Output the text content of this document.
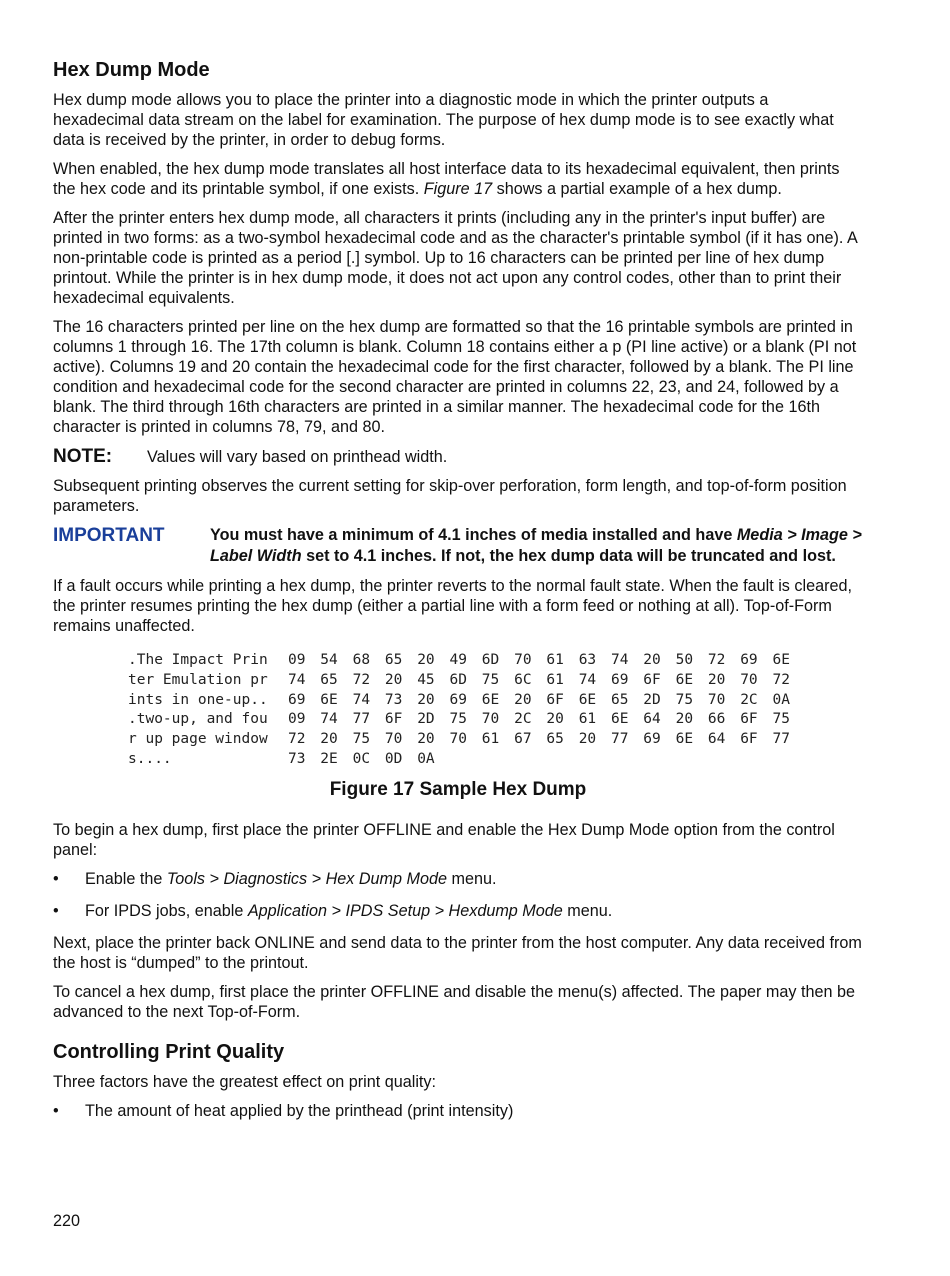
Hex Dump Mode

Hex dump mode allows you to place the printer into a diagnostic mode in which the printer outputs a hexadecimal data stream on the label for examination. The purpose of hex dump mode is to see exactly what data is received by the printer, in order to debug forms.

When enabled, the hex dump mode translates all host interface data to its hexadecimal equivalent, then prints the hex code and its printable symbol, if one exists. Figure 17 shows a partial example of a hex dump.

After the printer enters hex dump mode, all characters it prints (including any in the printer's input buffer) are printed in two forms: as a two-symbol hexadecimal code and as the character's printable symbol (if it has one). A non-printable code is printed as a period [.] symbol. Up to 16 characters can be printed per line of hex dump printout. While the printer is in hex dump mode, it does not act upon any control codes, other than to print their hexadecimal equivalents.

The 16 characters printed per line on the hex dump are formatted so that the 16 printable symbols are printed in columns 1 through 16. The 17th column is blank. Column 18 contains either a p (PI line active) or a blank (PI not active). Columns 19 and 20 contain the hexadecimal code for the first character, followed by a blank. The PI line condition and hexadecimal code for the second character are printed in columns 22, 23, and 24, followed by a blank. The third through 16th characters are printed in a similar manner. The hexadecimal code for the 16th character is printed in columns 78, 79, and 80.

NOTE:	Values will vary based on printhead width.

Subsequent printing observes the current setting for skip-over perforation, form length, and top-of-form position parameters.

IMPORTANT	You must have a minimum of 4.1 inches of media installed and have Media > Image > Label Width set to 4.1 inches. If not, the hex dump data will be truncated and lost.

If a fault occurs while printing a hex dump, the printer reverts to the normal fault state. When the fault is cleared, the printer resumes printing the hex dump (either a partial line with a form feed or nothing at all). Top-of-Form remains unaffected.

.The Impact Prin 09 54 68 65 20 49 6D 70 61 63 74 20 50 72 69 6E
ter Emulation pr 74 65 72 20 45 6D 75 6C 61 74 69 6F 6E 20 70 72
ints in one-up.. 69 6E 74 73 20 69 6E 20 6F 6E 65 2D 75 70 2C 0A
.two-up, and fou 09 74 77 6F 2D 75 70 2C 20 61 6E 64 20 66 6F 75
r up page window 72 20 75 70 20 70 61 67 65 20 77 69 6E 64 6F 77
s....	73 2E 0C 0D 0A
Figure 17 Sample Hex Dump

To begin a hex dump, first place the printer OFFLINE and enable the Hex Dump Mode option from the control panel:

• Enable the Tools > Diagnostics > Hex Dump Mode menu.
• For IPDS jobs, enable Application > IPDS Setup > Hexdump Mode menu.

Next, place the printer back ONLINE and send data to the printer from the host computer. Any data received from the host is “dumped” to the printout.

To cancel a hex dump, first place the printer OFFLINE and disable the menu(s) affected. The paper may then be advanced to the next Top-of-Form.

Controlling Print Quality

Three factors have the greatest effect on print quality:

• The amount of heat applied by the printhead (print intensity)
220
